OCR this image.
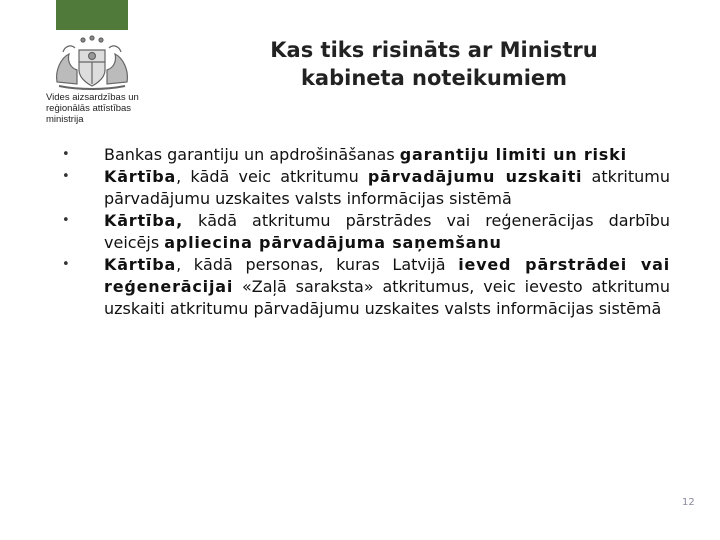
Vides aizsardzības un
reģionālās attīstības
ministrija
Kas tiks risināts ar Ministru
kabineta noteikumiem
• Bankas garantiju un apdrošināšanas garantiju limiti un riski
• Kārtība, kādā veic atkritumu pārvadājumu uzskaiti atkritumu pārvadājumu uzskaites valsts informācijas sistēmā
• Kārtība, kādā atkritumu pārstrādes vai reģenerācijas darbību veicējs apliecina pārvadājuma saņemšanu
• Kārtība, kādā personas, kuras Latvijā ieved pārstrādei vai reģenerācijai «Zaļā saraksta» atkritumus, veic ievesto atkritumu uzskaiti atkritumu pārvadājumu uzskaites valsts informācijas sistēmā
12
